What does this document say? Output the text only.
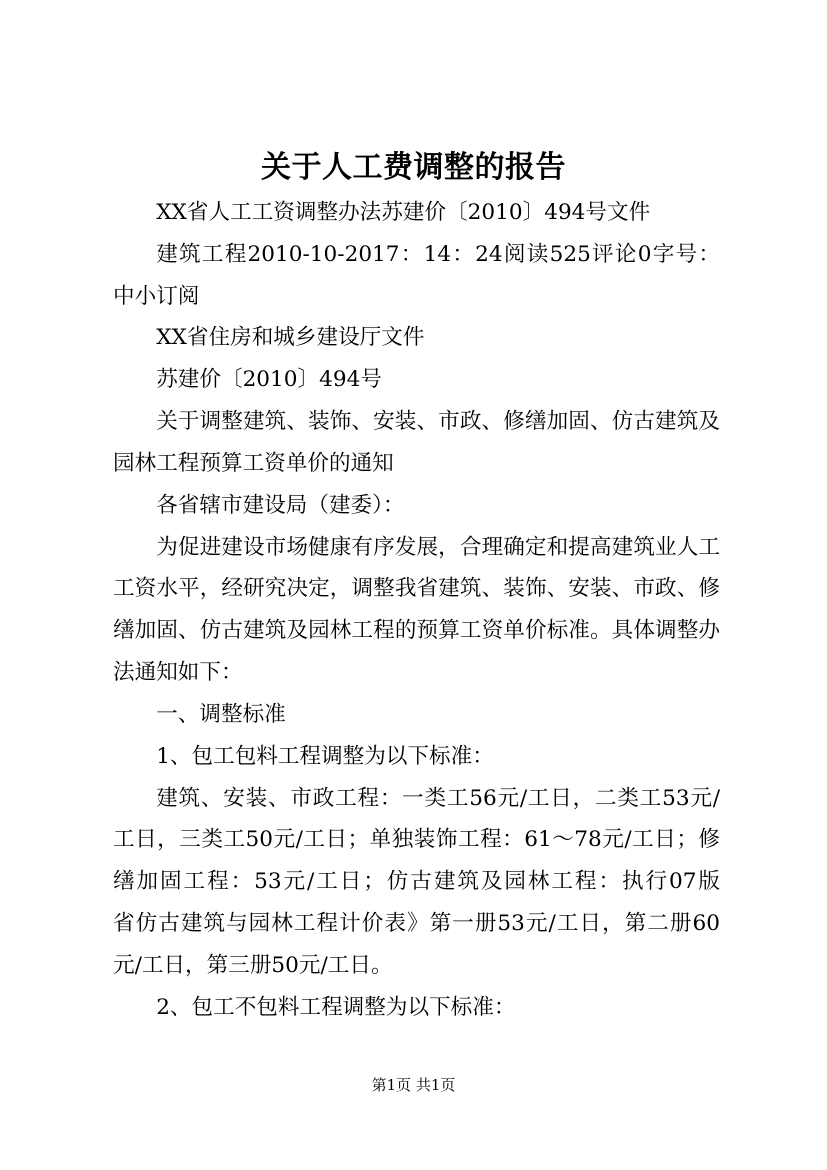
关于人工费调整的报告
XX省人工工资调整办法苏建价〔2010〕494号文件
建筑工程2010-10-2017：14：24阅读525评论0字号：
中小订阅
XX省住房和城乡建设厅文件
苏建价〔2010〕494号
关于调整建筑、装饰、安装、市政、修缮加固、仿古建筑及
园林工程预算工资单价的通知
各省辖市建设局（建委）：
为促进建设市场健康有序发展，合理确定和提高建筑业人工
工资水平，经研究决定，调整我省建筑、装饰、安装、市政、修
缮加固、仿古建筑及园林工程的预算工资单价标准。具体调整办
法通知如下：
一、调整标准
1、包工包料工程调整为以下标准：
建筑、安装、市政工程：一类工56元/工日，二类工53元/
工日，三类工50元/工日；单独装饰工程：61～78元/工日；修
缮加固工程：53元/工日；仿古建筑及园林工程：执行07版
省仿古建筑与园林工程计价表》第一册53元/工日，第二册60
元/工日，第三册50元/工日。
2、包工不包料工程调整为以下标准：
第1页 共1页
